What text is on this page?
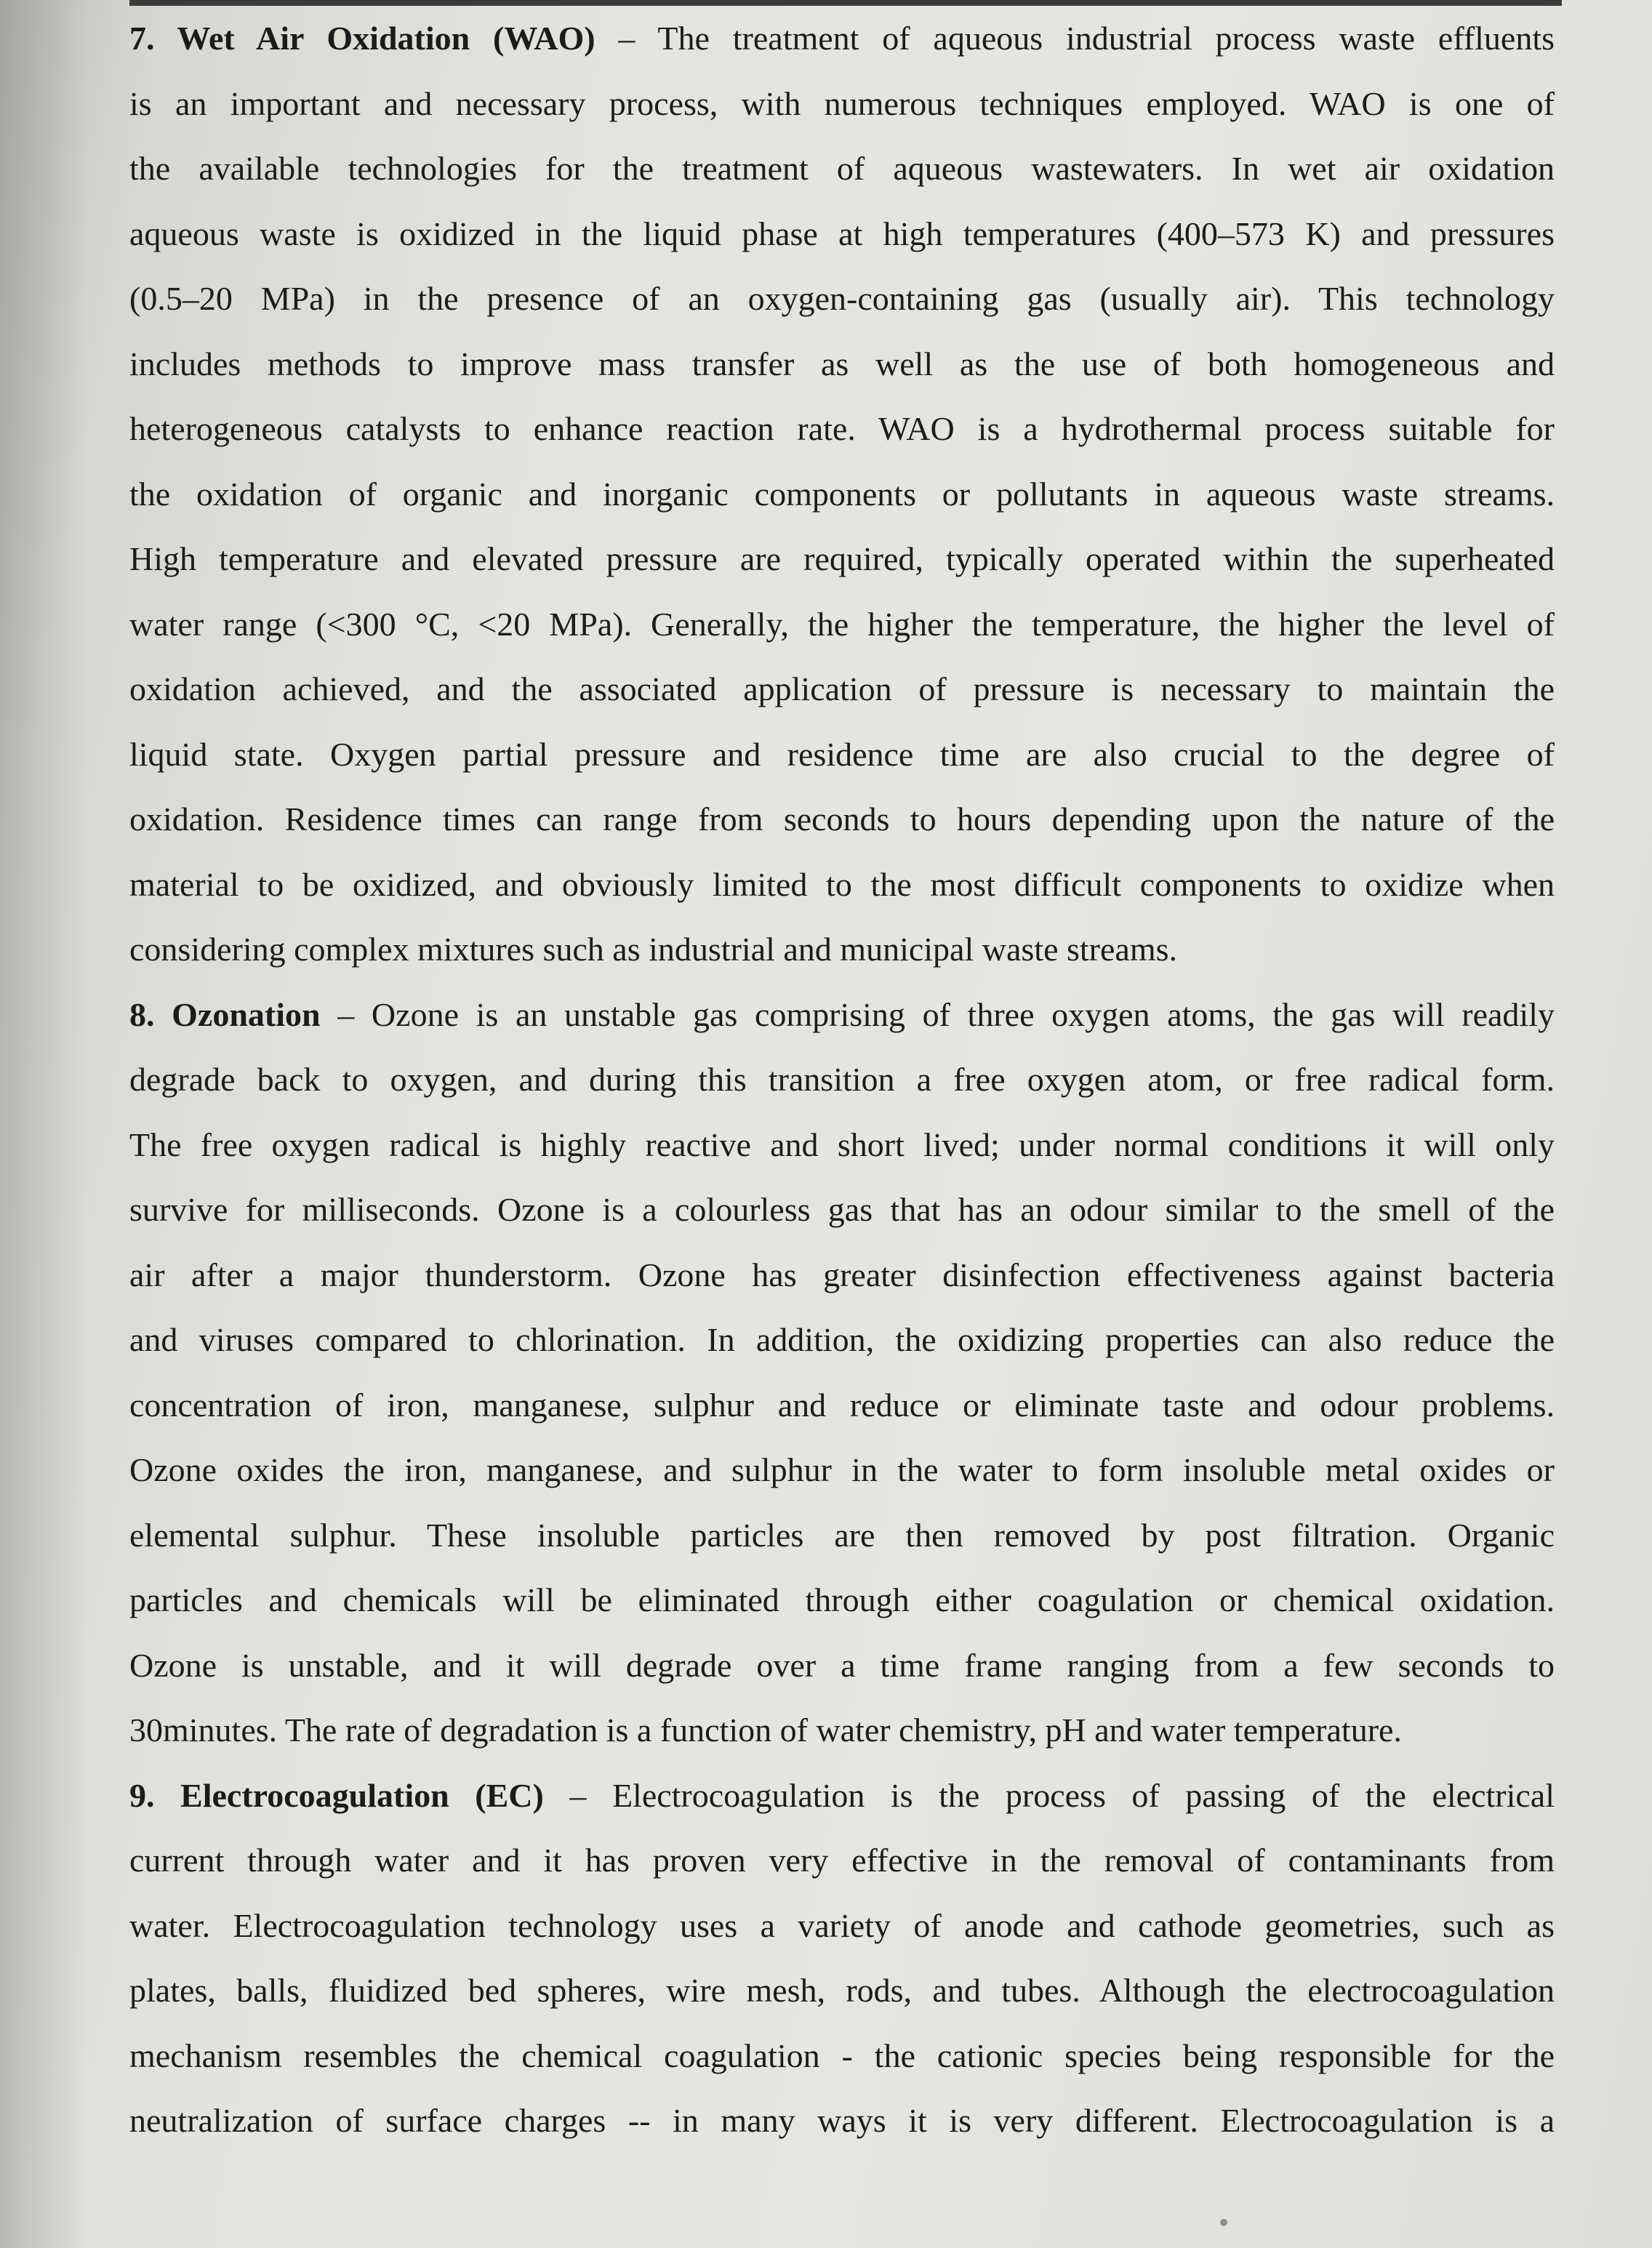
7. Wet Air Oxidation (WAO) – The treatment of aqueous industrial process waste effluents
is an important and necessary process, with numerous techniques employed. WAO is one of
the available technologies for the treatment of aqueous wastewaters. In wet air oxidation
aqueous waste is oxidized in the liquid phase at high temperatures (400–573 K) and pressures
(0.5–20 MPa) in the presence of an oxygen-containing gas (usually air). This technology
includes methods to improve mass transfer as well as the use of both homogeneous and
heterogeneous catalysts to enhance reaction rate. WAO is a hydrothermal process suitable for
the oxidation of organic and inorganic components or pollutants in aqueous waste streams.
High temperature and elevated pressure are required, typically operated within the superheated
water range (<300 °C, <20 MPa). Generally, the higher the temperature, the higher the level of
oxidation achieved, and the associated application of pressure is necessary to maintain the
liquid state. Oxygen partial pressure and residence time are also crucial to the degree of
oxidation. Residence times can range from seconds to hours depending upon the nature of the
material to be oxidized, and obviously limited to the most difficult components to oxidize when
considering complex mixtures such as industrial and municipal waste streams.
8. Ozonation – Ozone is an unstable gas comprising of three oxygen atoms, the gas will readily
degrade back to oxygen, and during this transition a free oxygen atom, or free radical form.
The free oxygen radical is highly reactive and short lived; under normal conditions it will only
survive for milliseconds. Ozone is a colourless gas that has an odour similar to the smell of the
air after a major thunderstorm. Ozone has greater disinfection effectiveness against bacteria
and viruses compared to chlorination. In addition, the oxidizing properties can also reduce the
concentration of iron, manganese, sulphur and reduce or eliminate taste and odour problems.
Ozone oxides the iron, manganese, and sulphur in the water to form insoluble metal oxides or
elemental sulphur. These insoluble particles are then removed by post filtration. Organic
particles and chemicals will be eliminated through either coagulation or chemical oxidation.
Ozone is unstable, and it will degrade over a time frame ranging from a few seconds to
30minutes. The rate of degradation is a function of water chemistry, pH and water temperature.
9. Electrocoagulation (EC) – Electrocoagulation is the process of passing of the electrical
current through water and it has proven very effective in the removal of contaminants from
water. Electrocoagulation technology uses a variety of anode and cathode geometries, such as
plates, balls, fluidized bed spheres, wire mesh, rods, and tubes. Although the electrocoagulation
mechanism resembles the chemical coagulation - the cationic species being responsible for the
neutralization of surface charges -- in many ways it is very different. Electrocoagulation is a
